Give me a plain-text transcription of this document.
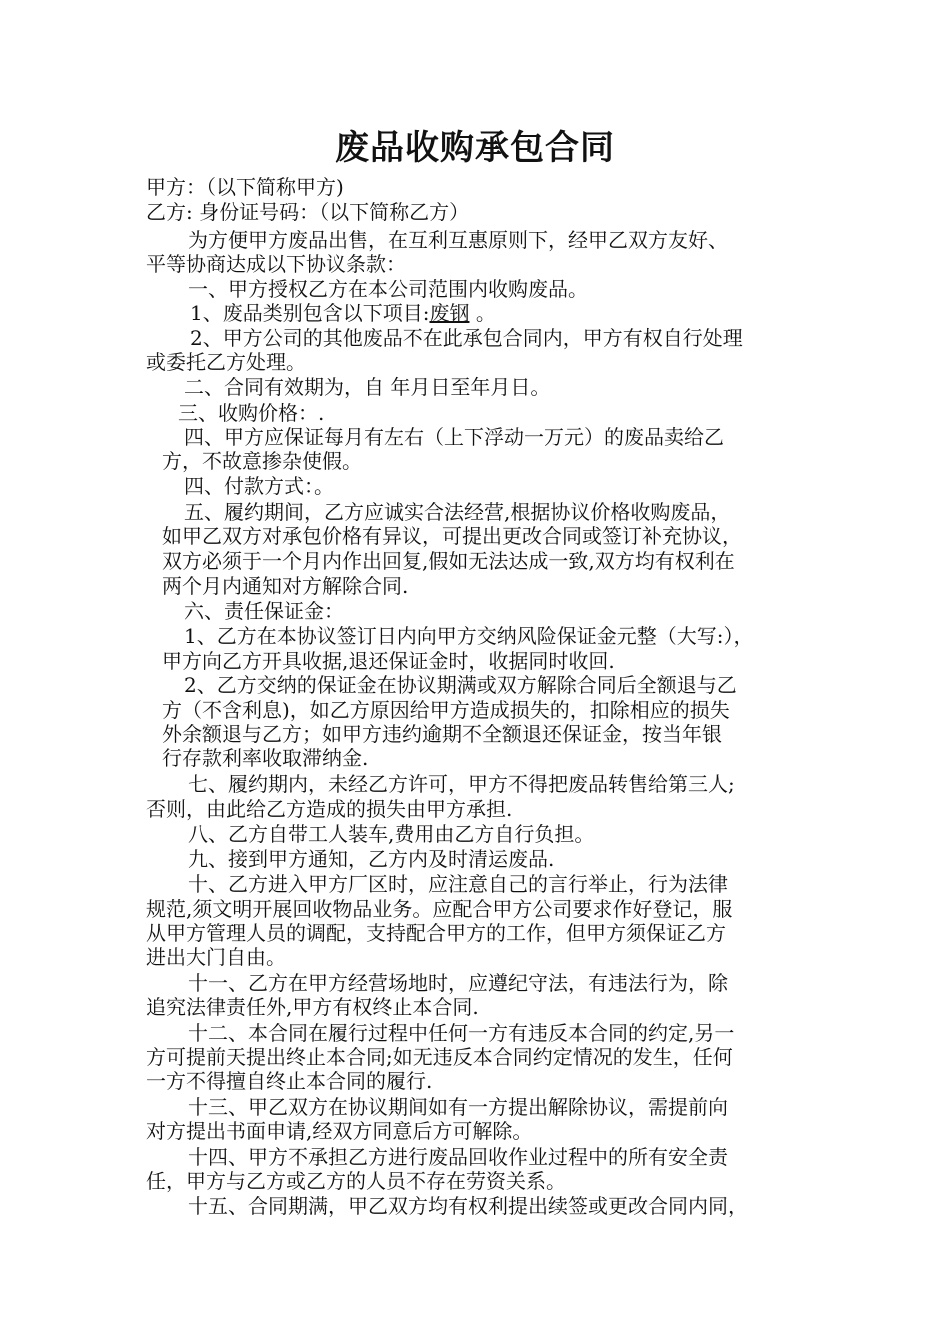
废品收购承包合同
甲方：（以下简称甲方)
乙方: 身份证号码：（以下简称乙方）
为方便甲方废品出售，在互利互惠原则下，经甲乙双方友好、
平等协商达成以下协议条款：
一、甲方授权乙方在本公司范围内收购废品。
1、废品类别包含以下项目:废钢 。
2、甲方公司的其他废品不在此承包合同内，甲方有权自行处理
或委托乙方处理。
二、合同有效期为，自 年月日至年月日。
三、收购价格：.
四、甲方应保证每月有左右（上下浮动一万元）的废品卖给乙
方，不故意掺杂使假。
四、付款方式：。
五、履约期间，乙方应诚实合法经营,根据协议价格收购废品，
如甲乙双方对承包价格有异议，可提出更改合同或签订补充协议，
双方必须于一个月内作出回复,假如无法达成一致,双方均有权利在
两个月内通知对方解除合同.
六、责任保证金：
1、乙方在本协议签订日内向甲方交纳风险保证金元整（大写:），
甲方向乙方开具收据,退还保证金时，收据同时收回.
2、乙方交纳的保证金在协议期满或双方解除合同后全额退与乙
方（不含利息)，如乙方原因给甲方造成损失的，扣除相应的损失
外余额退与乙方；如甲方违约逾期不全额退还保证金，按当年银
行存款利率收取滞纳金.
七、履约期内，未经乙方许可，甲方不得把废品转售给第三人;
否则，由此给乙方造成的损失由甲方承担.
八、乙方自带工人装车,费用由乙方自行负担。
九、接到甲方通知，乙方内及时清运废品.
十、乙方进入甲方厂区时，应注意自己的言行举止，行为法律
规范,须文明开展回收物品业务。应配合甲方公司要求作好登记，服
从甲方管理人员的调配，支持配合甲方的工作，但甲方须保证乙方
进出大门自由。
十一、乙方在甲方经营场地时，应遵纪守法，有违法行为，除
追究法律责任外,甲方有权终止本合同.
十二、本合同在履行过程中任何一方有违反本合同的约定,另一
方可提前天提出终止本合同;如无违反本合同约定情况的发生，任何
一方不得擅自终止本合同的履行.
十三、甲乙双方在协议期间如有一方提出解除协议，需提前向
对方提出书面申请,经双方同意后方可解除。
十四、甲方不承担乙方进行废品回收作业过程中的所有安全责
任，甲方与乙方或乙方的人员不存在劳资关系。
十五、合同期满，甲乙双方均有权利提出续签或更改合同内同，
